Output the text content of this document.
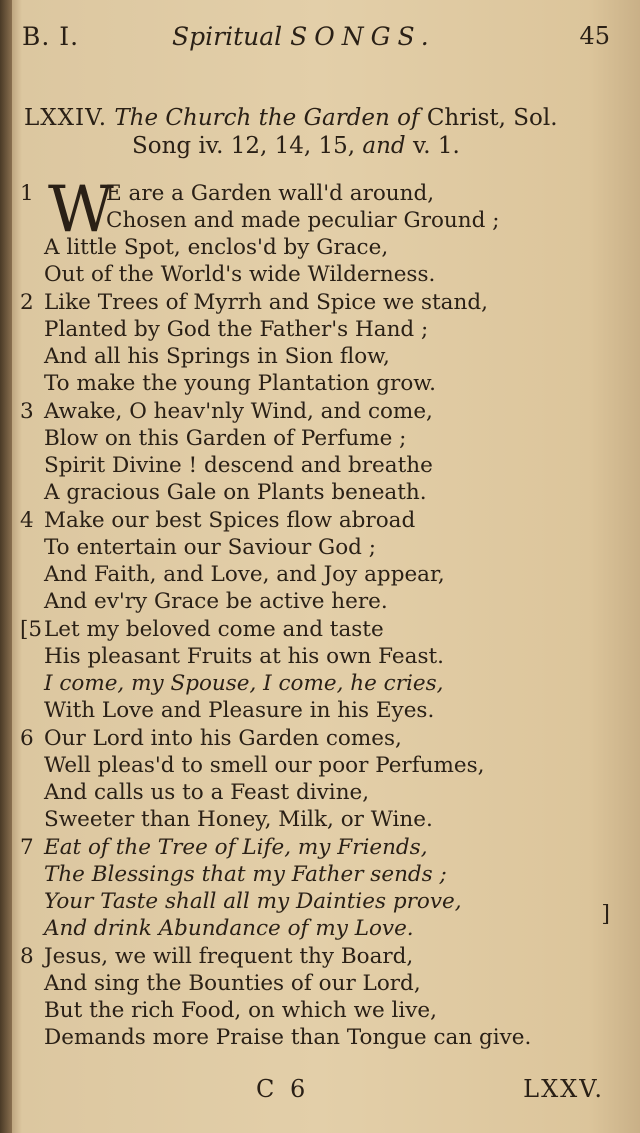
B. I.	Spiritual SONGS.	45
LXXIV. The Church the Garden of Christ, Sol.
Song iv. 12, 14, 15, and v. 1.
1 W
E are a Garden wall'd around,
Chosen and made peculiar Ground ;
A little Spot, enclos'd by Grace,
Out of the World's wide Wilderness.
2 Like Trees of Myrrh and Spice we stand,
Planted by God the Father's Hand ;
And all his Springs in Sion flow,
To make the young Plantation grow.
3 Awake, O heav'nly Wind, and come,
Blow on this Garden of Perfume ;
Spirit Divine ! descend and breathe
A gracious Gale on Plants beneath.
4 Make our best Spices flow abroad
To entertain our Saviour God ;
And Faith, and Love, and Joy appear,
And ev'ry Grace be active here.
[5 Let my beloved come and taste
His pleasant Fruits at his own Feast.
I come, my Spouse, I come, he cries,
With Love and Pleasure in his Eyes.
6 Our Lord into his Garden comes,
Well pleas'd to smell our poor Perfumes,
And calls us to a Feast divine,
Sweeter than Honey, Milk, or Wine.
7 Eat of the Tree of Life, my Friends,
The Blessings that my Father sends ;
Your Taste shall all my Dainties prove,
And drink Abundance of my Love.
8 Jesus, we will frequent thy Board,
And sing the Bounties of our Lord,
But the rich Food, on which we live,
Demands more Praise than Tongue can give.
]
C 6	LXXV.
